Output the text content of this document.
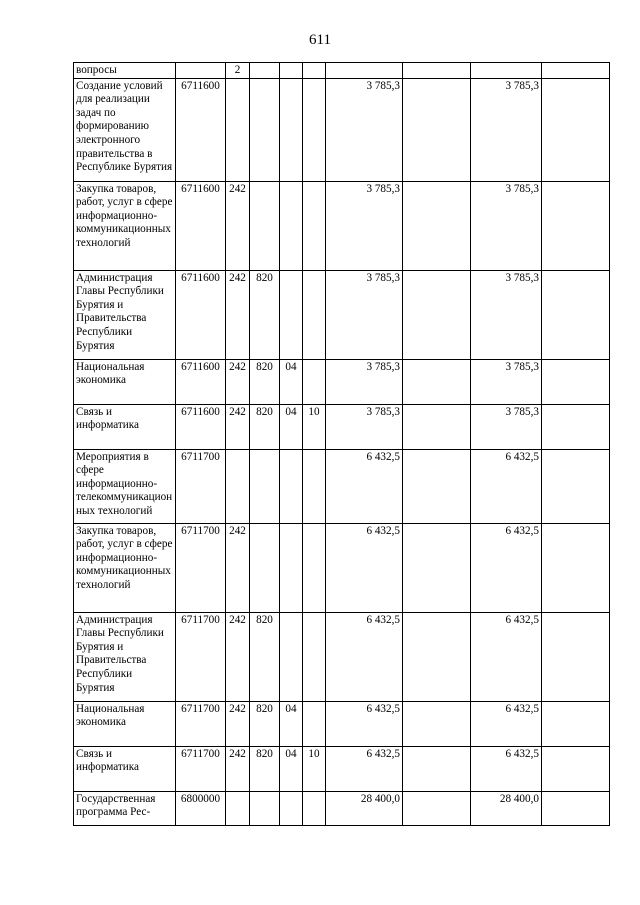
611
вопросы		2							
Создание условий для реализации задач по формированию электронного правительства в Республике Бурятия	6711600					3 785,3		3 785,3	
Закупка товаров, работ, услуг в сфере информационно-коммуникационных технологий	6711600	242				3 785,3		3 785,3	
Администрация Главы Республики Бурятия и Правительства Республики Бурятия	6711600	242	820			3 785,3		3 785,3	
Национальная экономика	6711600	242	820	04		3 785,3		3 785,3	
Связь и информатика	6711600	242	820	04	10	3 785,3		3 785,3	
Мероприятия в сфере информационно-телекоммуникационных технологий	6711700					6 432,5		6 432,5	
Закупка товаров, работ, услуг в сфере информационно-коммуникационных технологий	6711700	242				6 432,5		6 432,5	
Администрация Главы Республики Бурятия и Правительства Республики Бурятия	6711700	242	820			6 432,5		6 432,5	
Национальная экономика	6711700	242	820	04		6 432,5		6 432,5	
Связь и информатика	6711700	242	820	04	10	6 432,5		6 432,5	
Государственная программа Рес-	6800000					28 400,0		28 400,0	
